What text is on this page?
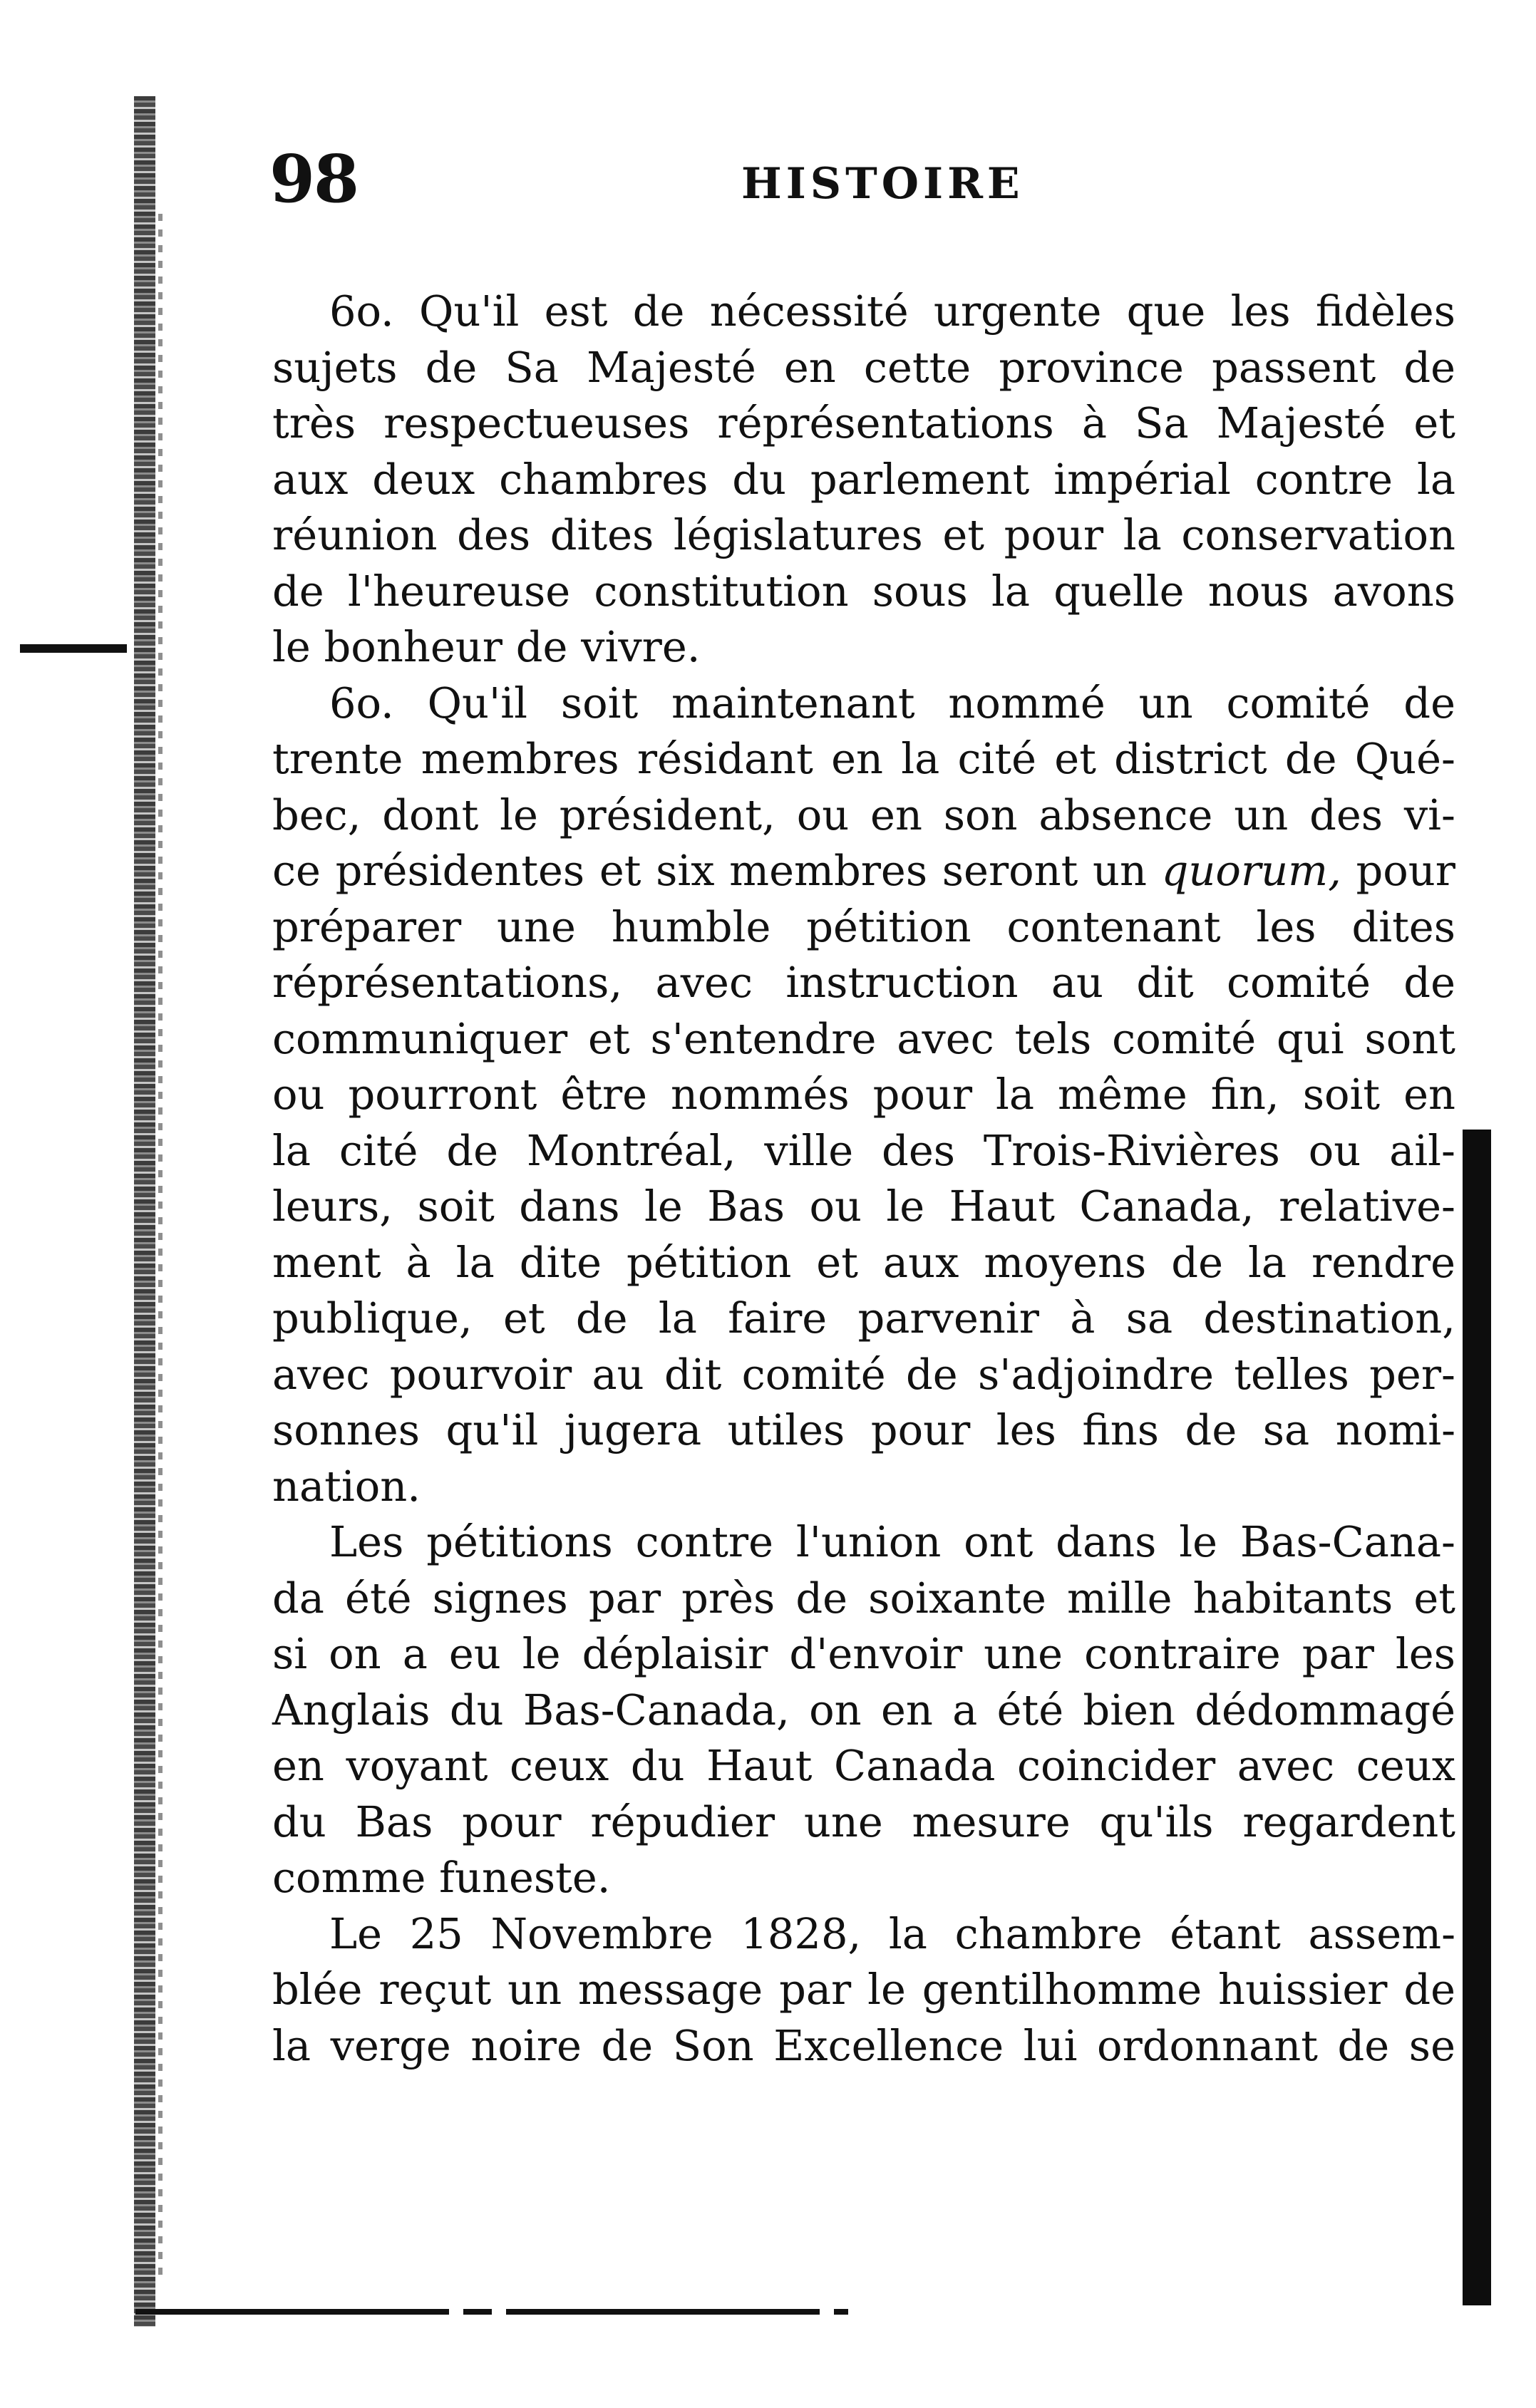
98	HISTOIRE
6o. Qu'il est de nécessité urgente que les fidèles
sujets de Sa Majesté en cette province passent de
très respectueuses réprésentations à Sa Majesté et
aux deux chambres du parlement impérial contre la
réunion des dites législatures et pour la conservation
de l'heureuse constitution sous la quelle nous avons
le bonheur de vivre.
6o. Qu'il soit maintenant nommé un comité de
trente membres résidant en la cité et district de Qué-
bec, dont le président, ou en son absence un des vi-
ce présidentes et six membres seront un quorum, pour
préparer une humble pétition contenant les dites
réprésentations, avec instruction au dit comité de
communiquer et s'entendre avec tels comité qui sont
ou pourront être nommés pour la même fin, soit en
la cité de Montréal, ville des Trois-Rivières ou ail-
leurs, soit dans le Bas ou le Haut Canada, relative-
ment à la dite pétition et aux moyens de la rendre
publique, et de la faire parvenir à sa destination,
avec pourvoir au dit comité de s'adjoindre telles per-
sonnes qu'il jugera utiles pour les fins de sa nomi-
nation.
Les pétitions contre l'union ont dans le Bas-Cana-
da été signes par près de soixante mille habitants et
si on a eu le déplaisir d'envoir une contraire par les
Anglais du Bas-Canada, on en a été bien dédommagé
en voyant ceux du Haut Canada coincider avec ceux
du Bas pour répudier une mesure qu'ils regardent
comme funeste.
Le 25 Novembre 1828, la chambre étant assem-
blée reçut un message par le gentilhomme huissier de
la verge noire de Son Excellence lui ordonnant de se
